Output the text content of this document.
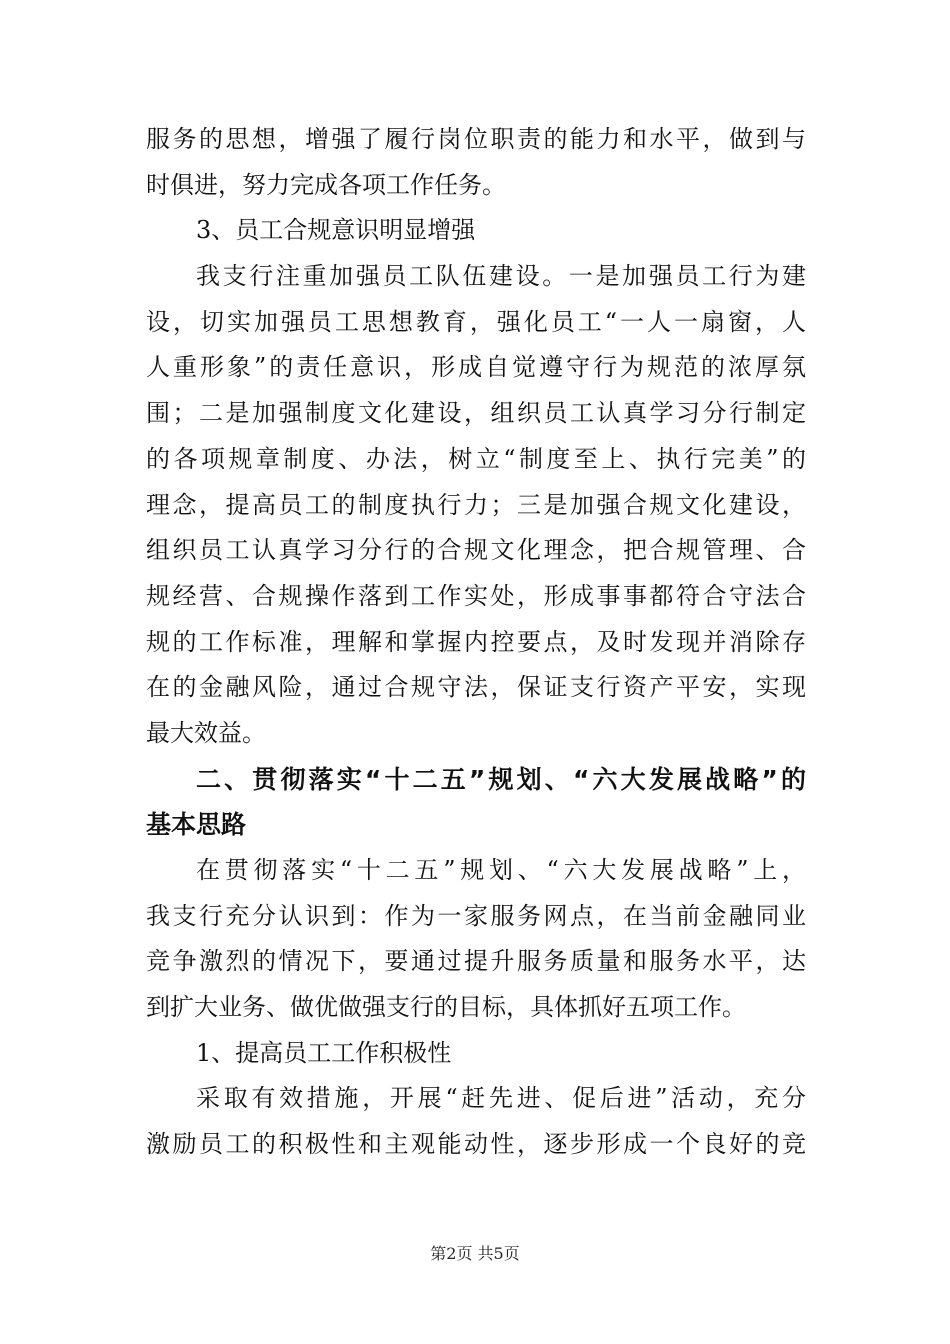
服务的思想，增强了履行岗位职责的能力和水平，做到与
时俱进，努力完成各项工作任务。
3、员工合规意识明显增强
我支行注重加强员工队伍建设。一是加强员工行为建
设，切实加强员工思想教育，强化员工“一人一扇窗，人
人重形象”的责任意识，形成自觉遵守行为规范的浓厚氛
围；二是加强制度文化建设，组织员工认真学习分行制定
的各项规章制度、办法，树立“制度至上、执行完美”的
理念，提高员工的制度执行力；三是加强合规文化建设，
组织员工认真学习分行的合规文化理念，把合规管理、合
规经营、合规操作落到工作实处，形成事事都符合守法合
规的工作标准，理解和掌握内控要点，及时发现并消除存
在的金融风险，通过合规守法，保证支行资产平安，实现
最大效益。
二、贯彻落实“十二五”规划、“六大发展战略”的
基本思路
在贯彻落实“十二五”规划、“六大发展战略”上，
我支行充分认识到：作为一家服务网点，在当前金融同业
竞争激烈的情况下，要通过提升服务质量和服务水平，达
到扩大业务、做优做强支行的目标，具体抓好五项工作。
1、提高员工工作积极性
采取有效措施，开展“赶先进、促后进”活动，充分
激励员工的积极性和主观能动性，逐步形成一个良好的竞
第2页 共5页
